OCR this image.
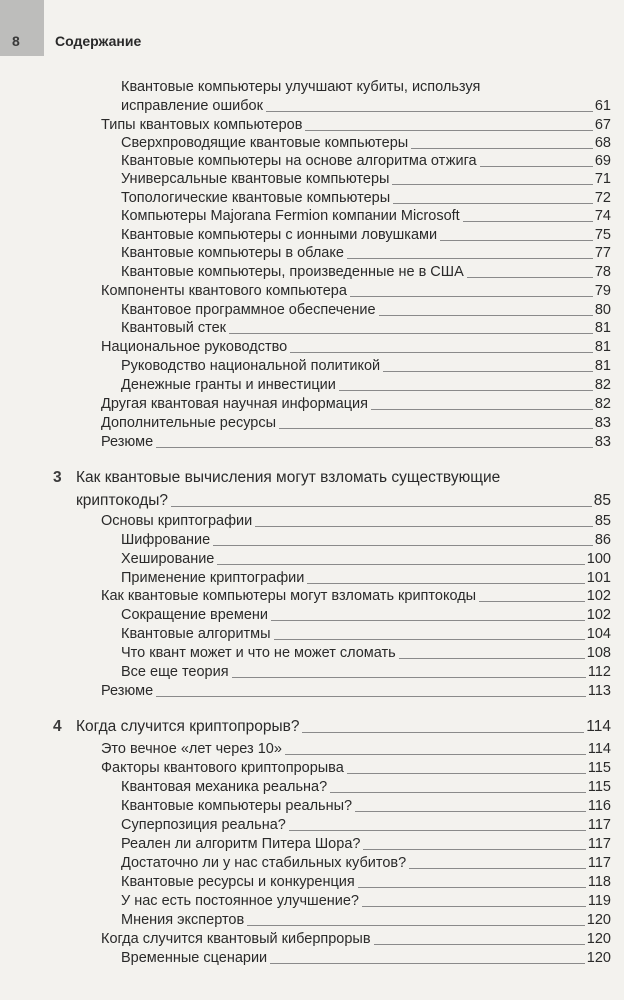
8	Содержание
Квантовые компьютеры улучшают кубиты, используя
исправление ошибок	61
Типы квантовых компьютеров	67
Сверхпроводящие квантовые компьютеры	68
Квантовые компьютеры на основе алгоритма отжига	69
Универсальные квантовые компьютеры	71
Топологические квантовые компьютеры	72
Компьютеры Majorana Fermion компании Microsoft	74
Квантовые компьютеры с ионными ловушками	75
Квантовые компьютеры в облаке	77
Квантовые компьютеры, произведенные не в США	78
Компоненты квантового компьютера	79
Квантовое программное обеспечение	80
Квантовый стек	81
Национальное руководство	81
Руководство национальной политикой	81
Денежные гранты и инвестиции	82
Другая квантовая научная информация	82
Дополнительные ресурсы	83
Резюме	83
3 Как квантовые вычисления могут взломать существующие
криптокоды?	85
Основы криптографии	85
Шифрование	86
Хеширование	100
Применение криптографии	101
Как квантовые компьютеры могут взломать криптокоды	102
Сокращение времени	102
Квантовые алгоритмы	104
Что квант может и что не может сломать	108
Все еще теория	112
Резюме	113
4 Когда случится криптопрорыв?	114
Это вечное «лет через 10»	114
Факторы квантового криптопрорыва	115
Квантовая механика реальна?	115
Квантовые компьютеры реальны?	116
Суперпозиция реальна?	117
Реален ли алгоритм Питера Шора?	117
Достаточно ли у нас стабильных кубитов?	117
Квантовые ресурсы и конкуренция	118
У нас есть постоянное улучшение?	119
Мнения экспертов	120
Когда случится квантовый киберпрорыв	120
Временные сценарии	120
